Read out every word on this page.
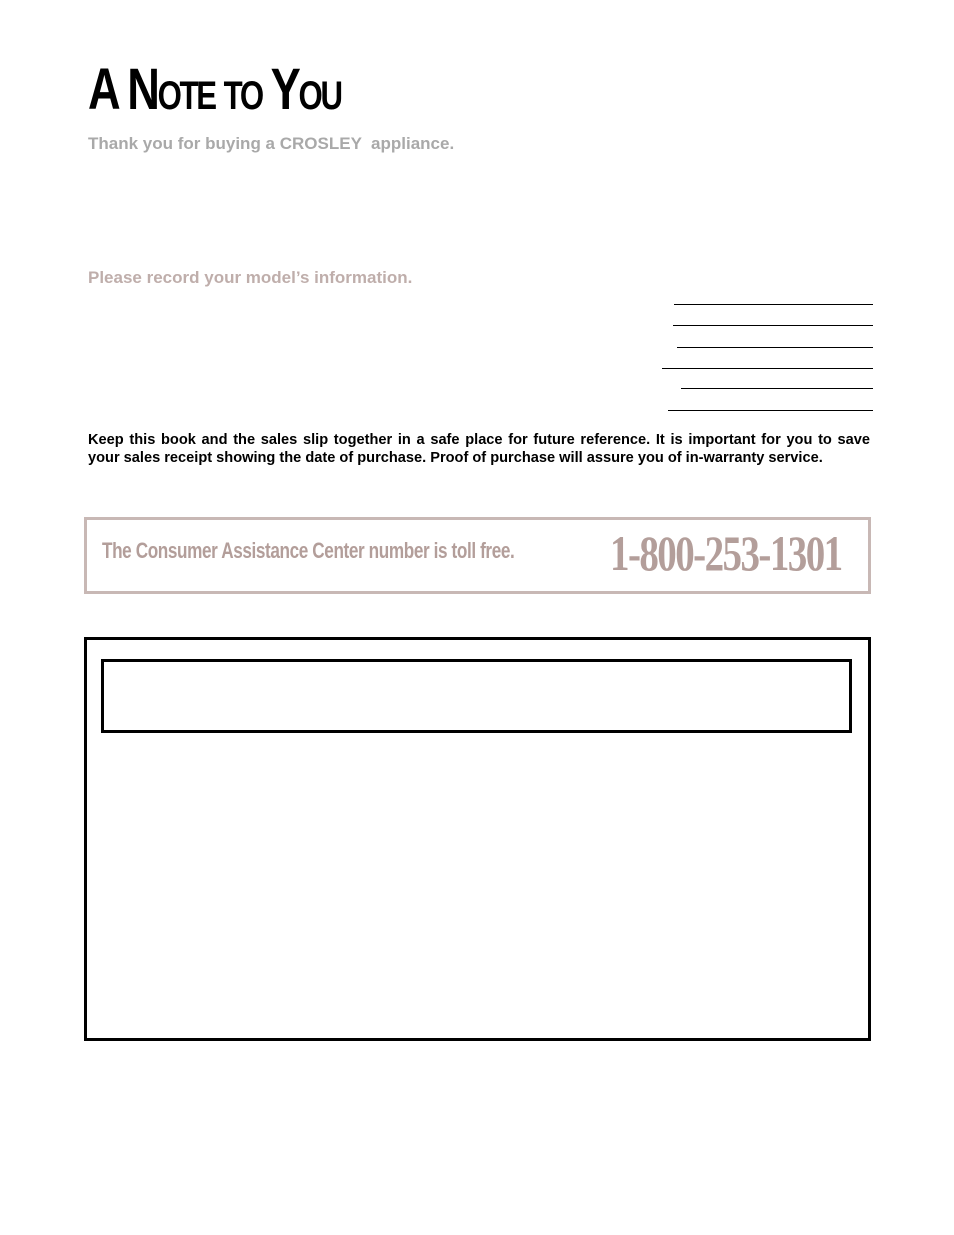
A NOTE TO YOU

Thank you for buying a CROSLEY  appliance.

Please record your model’s information.

Keep this book and the sales slip together in a safe place for future reference. It is important for you to save your sales receipt showing the date of purchase. Proof of purchase will assure you of in-warranty service.

The Consumer Assistance Center number is toll free. 1-800-253-1301
